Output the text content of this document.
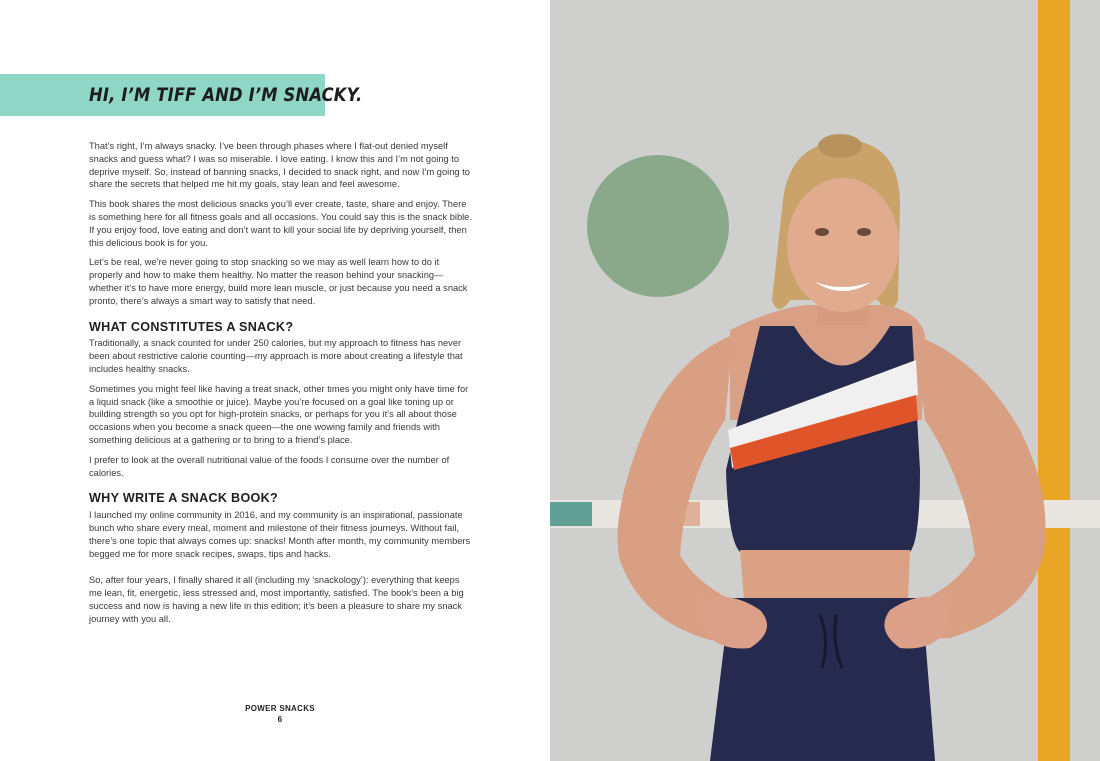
HI, I’M TIFF AND I’M SNACKY.

That’s right, I’m always snacky. I’ve been through phases where I flat-out denied myself snacks and guess what? I was so miserable. I love eating. I know this and I’m not going to deprive myself. So, instead of banning snacks, I decided to snack right, and now I’m going to share the secrets that helped me hit my goals, stay lean and feel awesome.

This book shares the most delicious snacks you’ll ever create, taste, share and enjoy. There is something here for all fitness goals and all occasions. You could say this is the snack bible. If you enjoy food, love eating and don’t want to kill your social life by depriving yourself, then this delicious book is for you.

Let’s be real, we’re never going to stop snacking so we may as well learn how to do it properly and how to make them healthy. No matter the reason behind your snacking— whether it’s to have more energy, build more lean muscle, or just because you need a snack pronto, there’s always a smart way to satisfy that need.

WHAT CONSTITUTES A SNACK?

Traditionally, a snack counted for under 250 calories, but my approach to fitness has never been about restrictive calorie counting—my approach is more about creating a lifestyle that includes healthy snacks.

Sometimes you might feel like having a treat snack, other times you might only have time for a liquid snack (like a smoothie or juice). Maybe you’re focused on a goal like toning up or building strength so you opt for high-protein snacks, or perhaps for you it’s all about those occasions when you become a snack queen—the one wowing family and friends with something delicious at a gathering or to bring to a friend’s place.

I prefer to look at the overall nutritional value of the foods I consume over the number of calories.

WHY WRITE A SNACK BOOK?

I launched my online community in 2016, and my community is an inspirational, passionate bunch who share every meal, moment and milestone of their fitness journeys. Without fail, there’s one topic that always comes up: snacks! Month after month, my community members begged me for more snack recipes, swaps, tips and hacks.

So, after four years, I finally shared it all (including my ‘snackology’): everything that keeps me lean, fit, energetic, less stressed and, most importantly, satisfied. The book’s been a big success and now is having a new life in this edition; it’s been a pleasure to share my snack journey with you all.

POWER SNACKS
6
